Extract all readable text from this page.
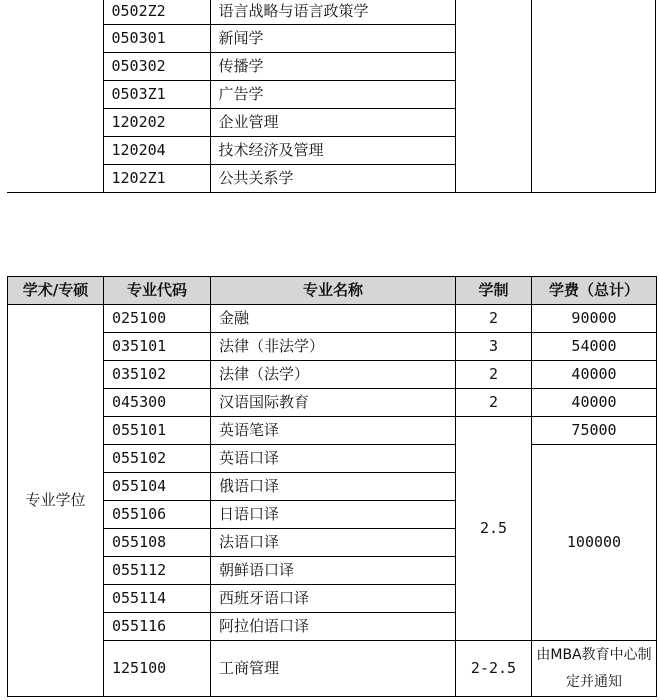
	0502Z2	语言战略与语言政策学		
	050301	新闻学		
	050302	传播学		
	0503Z1	广告学		
	120202	企业管理		
	120204	技术经济及管理		
	1202Z1	公共关系学		
学术/专硕	专业代码	专业名称	学制	学费（总计）
专业学位	025100	金融	2	90000
	035101	法律（非法学）	3	54000
	035102	法律（法学）	2	40000
	045300	汉语国际教育	2	40000
	055101	英语笔译	2.5	75000
	055102	英语口译		100000
	055104	俄语口译		
	055106	日语口译		
	055108	法语口译		
	055112	朝鲜语口译		
	055114	西班牙语口译		
	055116	阿拉伯语口译		
	125100	工商管理	2-2.5	由MBA教育中心制定并通知
